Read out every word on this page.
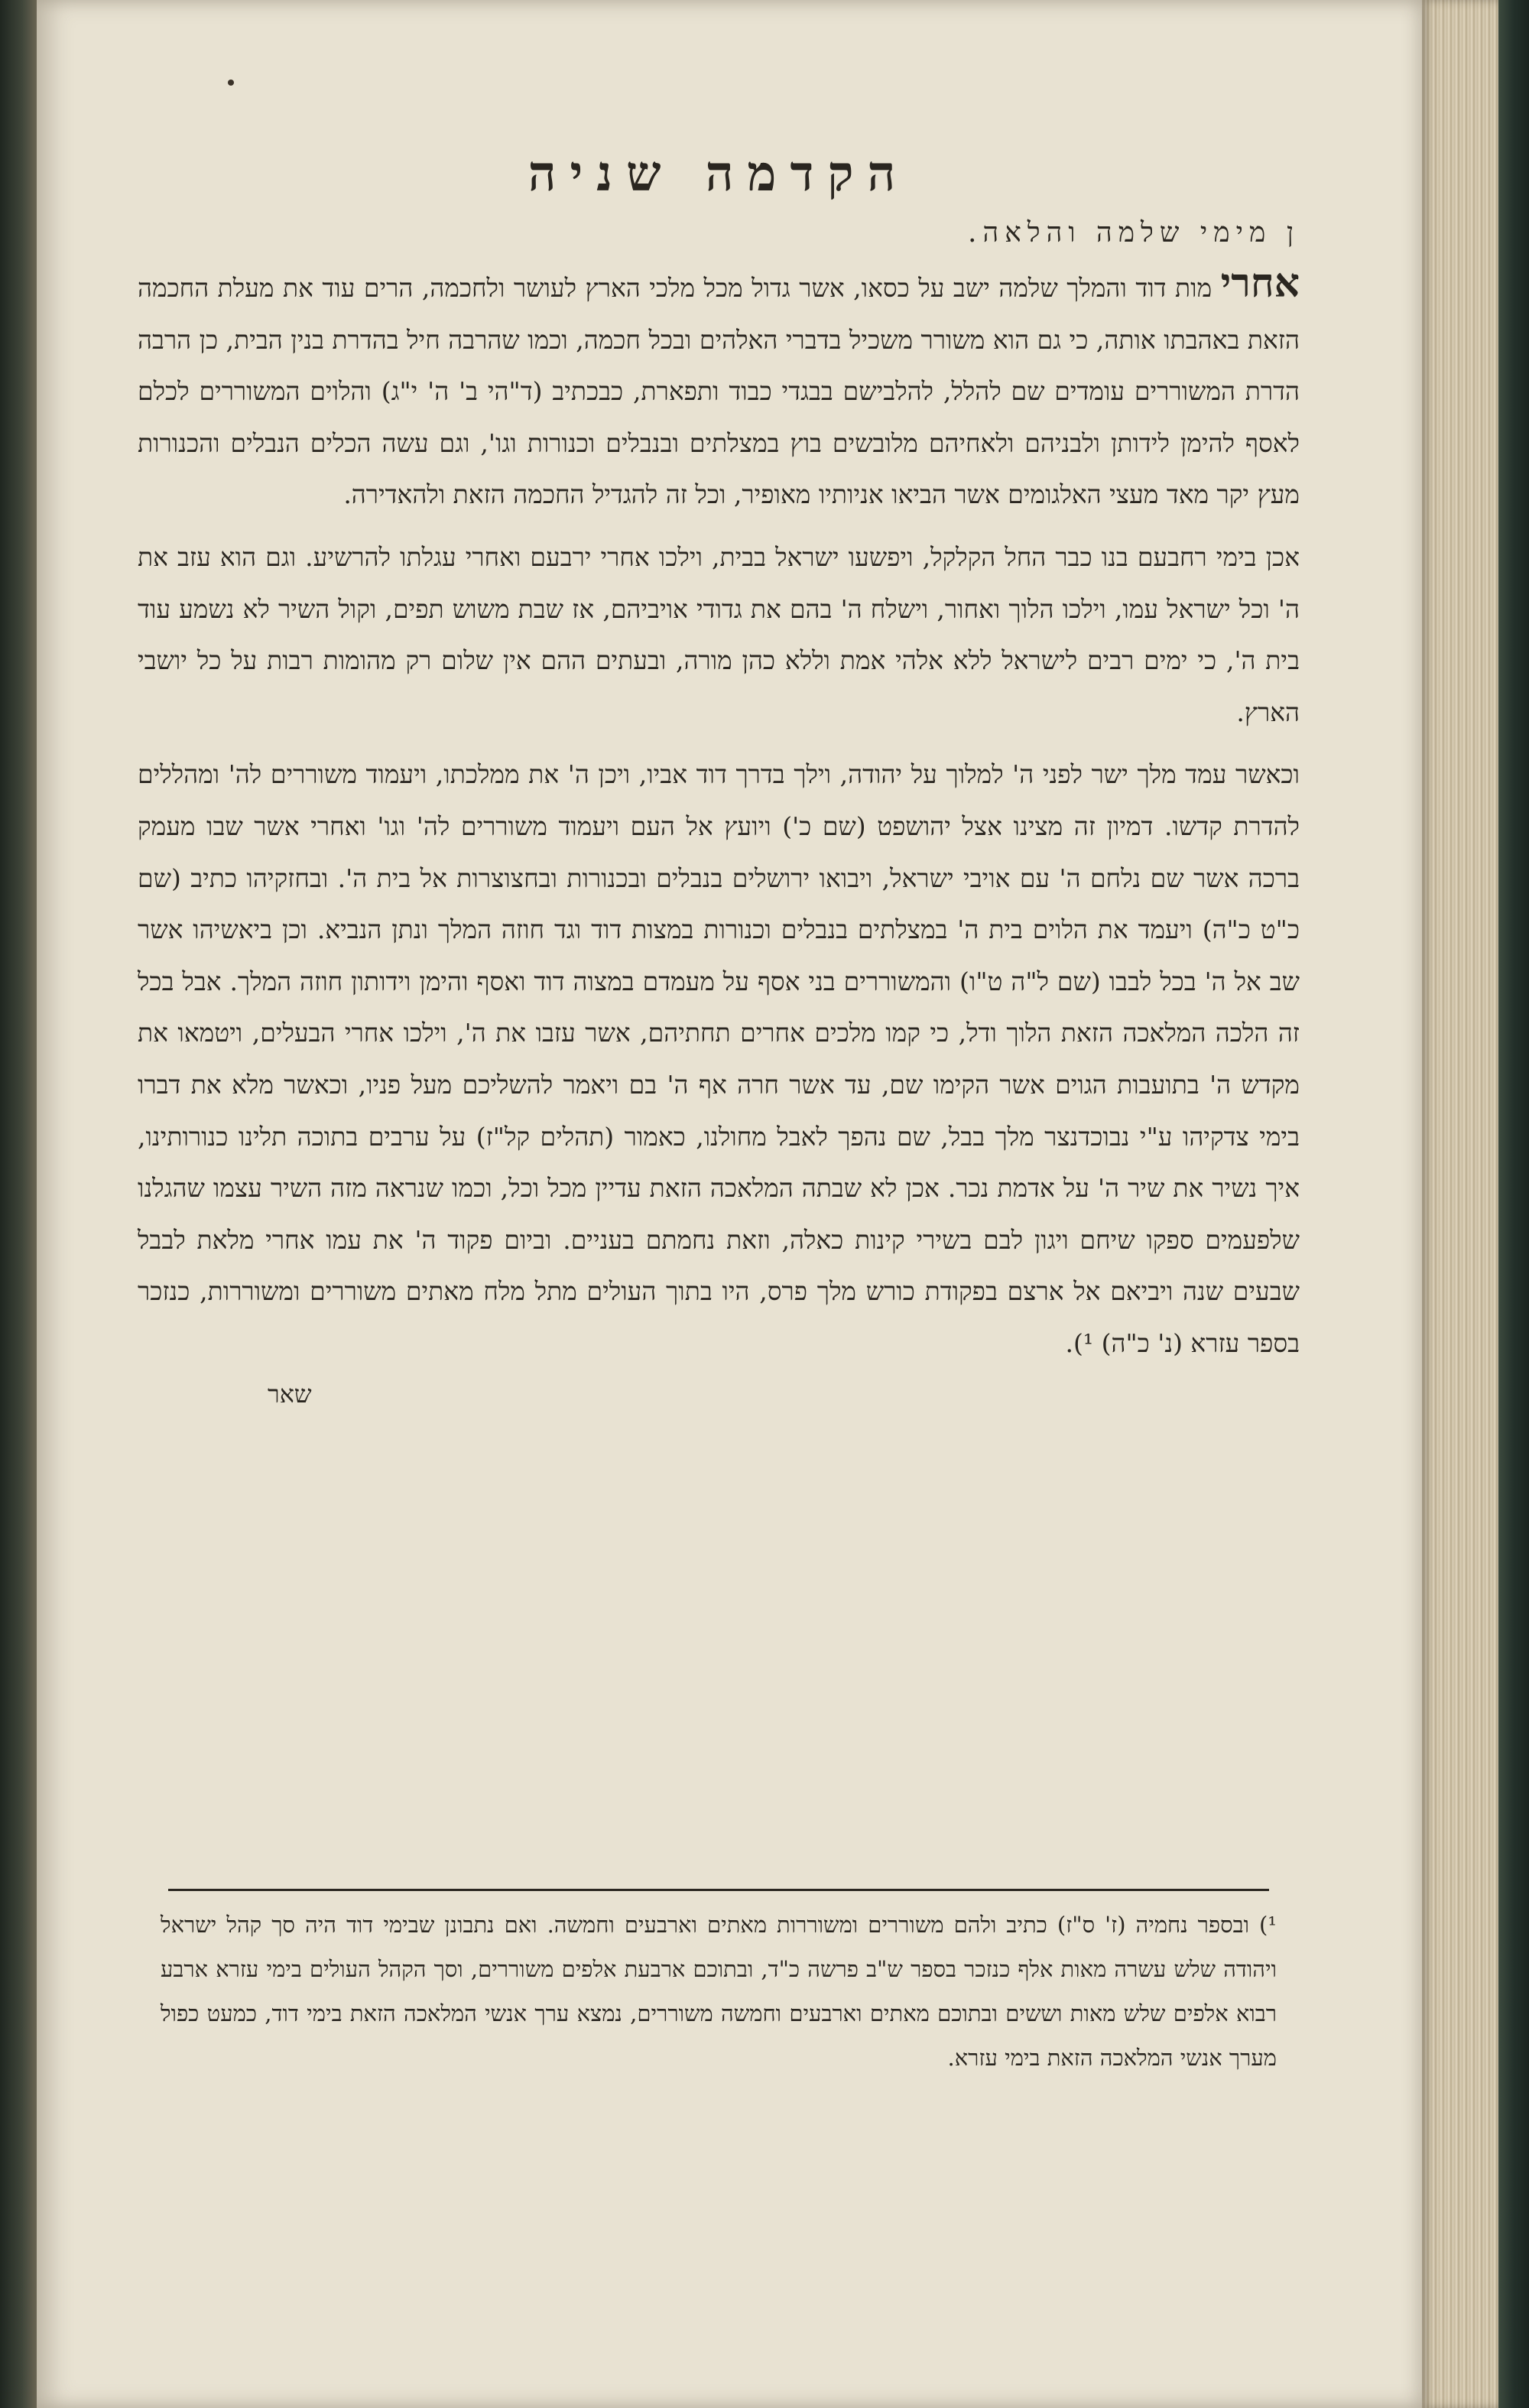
הקדמה שניה
ן מימי שלמה והלאה.

אחרי מות דוד והמלך שלמה ישב על כסאו, אשר גדול מכל מלכי הארץ לעושר ולחכמה, הרים עוד את מעלת החכמה הזאת באהבתו אותה, כי גם הוא משורר משכיל בדברי האלהים ובכל חכמה, וכמו שהרבה חיל בהדרת בנין הבית, כן הרבה הדרת המשוררים עומדים שם להלל, להלבישם בבגדי כבוד ותפארת, כבכתיב (ד"הי ב' ה' י"ג) והלוים המשוררים לכלם לאסף להימן לידותן ולבניהם ולאחיהם מלובשים בוץ במצלתים ובנבלים וכנורות וגו', וגם עשה הכלים הנבלים והכנורות מעץ יקר מאד מעצי האלגומים אשר הביאו אניותיו מאופיר, וכל זה להגדיל החכמה הזאת ולהאדירה.

אכן בימי רחבעם בנו כבר החל הקלקל, ויפשעו ישראל בבית, וילכו אחרי ירבעם ואחרי עגלתו להרשיע. וגם הוא עזב את ה' וכל ישראל עמו, וילכו הלוך ואחור, וישלח ה' בהם את גדודי אויביהם, אז שבת משוש תפים, וקול השיר לא נשמע עוד בית ה', כי ימים רבים לישראל ללא אלהי אמת וללא כהן מורה, ובעתים ההם אין שלום רק מהומות רבות על כל יושבי הארץ.

וכאשר עמד מלך ישר לפני ה' למלוך על יהודה, וילך בדרך דוד אביו, ויכן ה' את ממלכתו, ויעמוד משוררים לה' ומהללים להדרת קדשו. דמיון זה מצינו אצל יהושפט (שם כ') ויועץ אל העם ויעמוד משוררים לה' וגו' ואחרי אשר שבו מעמק ברכה אשר שם נלחם ה' עם אויבי ישראל, ויבואו ירושלים בנבלים ובכנורות ובחצוצרות אל בית ה'. ובחזקיהו כתיב (שם כ"ט כ"ה) ויעמד את הלוים בית ה' במצלתים בנבלים וכנורות במצות דוד וגד חוזה המלך ונתן הנביא. וכן ביאשיהו אשר שב אל ה' בכל לבבו (שם ל"ה ט"ו) והמשוררים בני אסף על מעמדם במצוה דוד ואסף והימן וידותון חוזה המלך. אבל בכל זה הלכה המלאכה הזאת הלוך ודל, כי קמו מלכים אחרים תחתיהם, אשר עזבו את ה', וילכו אחרי הבעלים, ויטמאו את מקדש ה' בתועבות הגוים אשר הקימו שם, עד אשר חרה אף ה' בם ויאמר להשליכם מעל פניו, וכאשר מלא את דברו בימי צדקיהו ע"י נבוכדנצר מלך בבל, שם נהפך לאבל מחולנו, כאמור (תהלים קל"ז) על ערבים בתוכה תלינו כנורותינו, איך נשיר את שיר ה' על אדמת נכר. אכן לא שבתה המלאכה הזאת עדיין מכל וכל, וכמו שנראה מזה השיר עצמו שהגלנו שלפעמים ספקו שיחם ויגון לבם בשירי קינות כאלה, וזאת נחמתם בעניים. וביום פקוד ה' את עמו אחרי מלאת לבבל שבעים שנה ויביאם אל ארצם בפקודת כורש מלך פרס, היו בתוך העולים מתל מלח מאתים משוררים ומשוררות, כנזכר בספר עזרא (נ' כ"ה) ¹).

שאר
¹) ובספר נחמיה (ז' ס"ז) כתיב ולהם משוררים ומשוררות מאתים וארבעים וחמשה. ואם נתבונן שבימי דוד היה סך קהל ישראל ויהודה שלש עשרה מאות אלף כנזכר בספר ש"ב פרשה כ"ד, ובתוכם ארבעת אלפים משוררים, וסך הקהל העולים בימי עזרא ארבע רבוא אלפים שלש מאות וששים ובתוכם מאתים וארבעים וחמשה משוררים, נמצא ערך אנשי המלאכה הזאת בימי דוד, כמעט כפול מערך אנשי המלאכה הזאת בימי עזרא.
